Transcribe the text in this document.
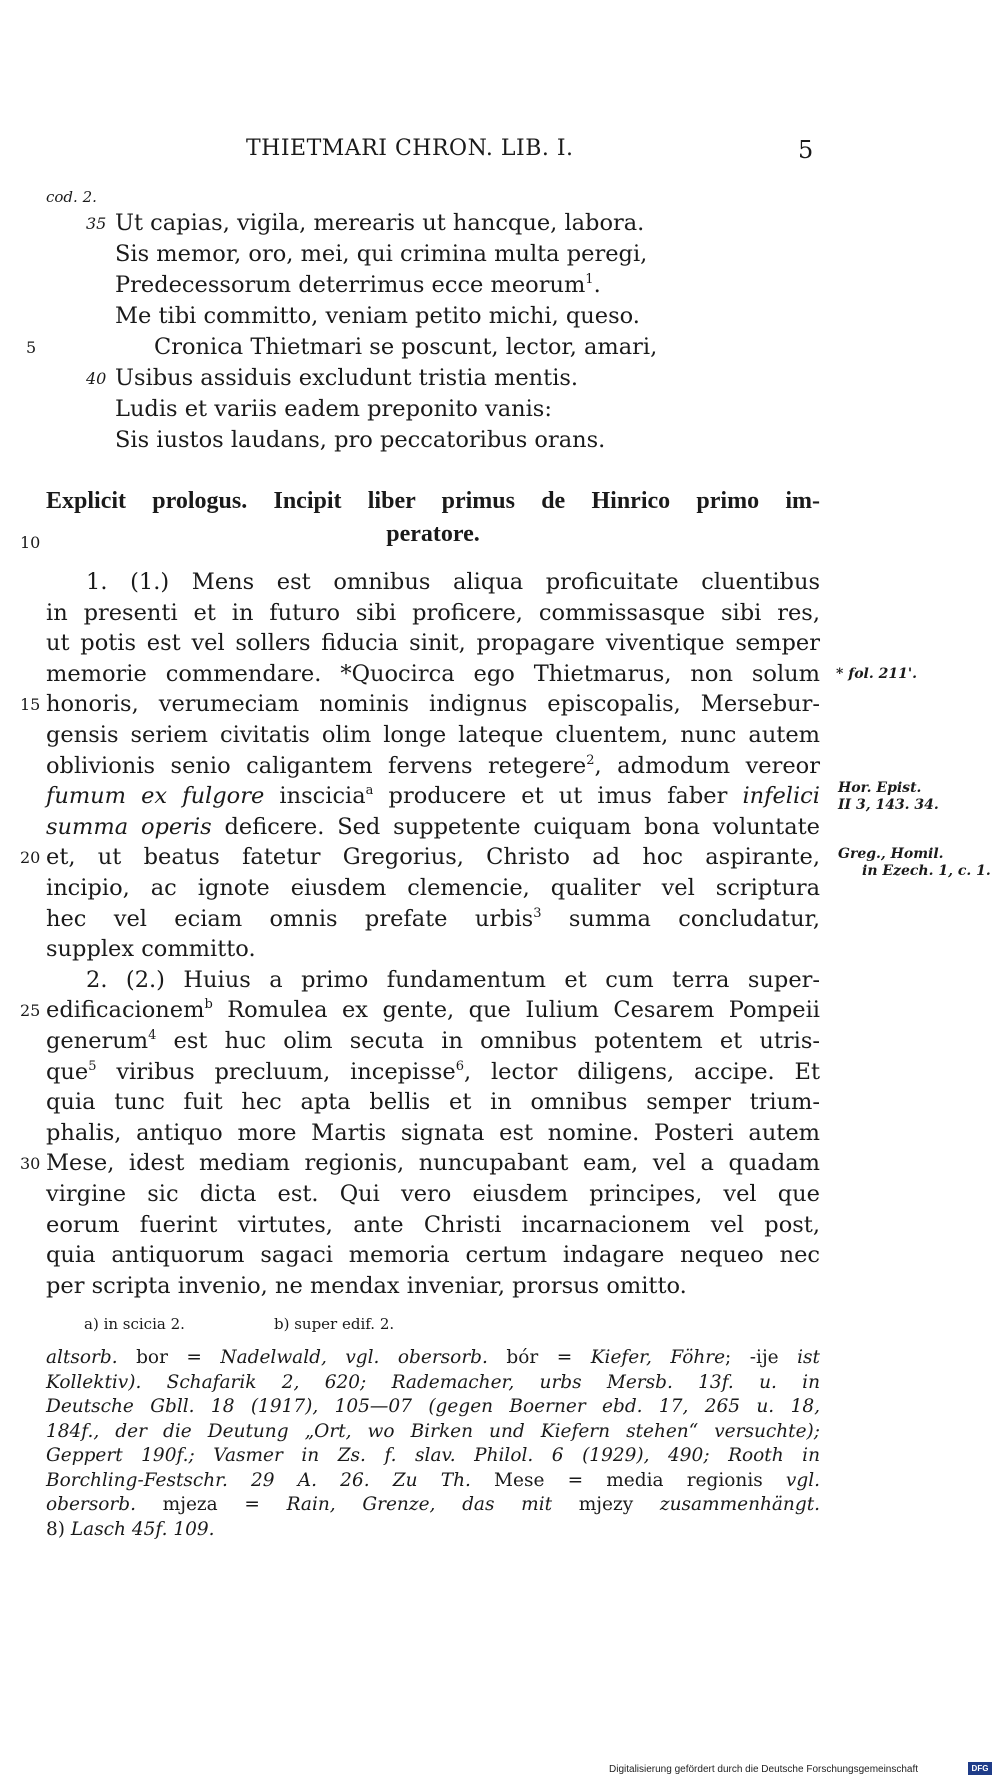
THIETMARI CHRON. LIB. I.	5
cod. 2.
Ut capias, vigila, merearis ut hancque, labora.
35
Sis memor, oro, mei, qui crimina multa peregi,
Predecessorum deterrimus ecce meorum$^1$.
Me tibi committo, veniam petito michi, queso.
Cronica Thietmari se poscunt, lector, amari,
5
Usibus assiduis excludunt tristia mentis.
40
Ludis et variis eadem preponito vanis:
Sis iustos laudans, pro peccatoribus orans.
Explicit prologus. Incipit liber primus de Hinrico primo im-
peratore.
10
1. (1.) Mens est omnibus aliqua proficuitate cluentibus
in presenti et in futuro sibi proficere, commissasque sibi res,
ut potis est vel sollers fiducia sinit, propagare viventique semper
memorie commendare. *Quocirca ego Thietmarus, non solum
honoris, verumeciam nominis indignus episcopalis, Mersebur-
15
gensis seriem civitatis olim longe lateque cluentem, nunc autem
oblivionis senio caligantem fervens retegere$^2$, admodum vereor
fumum ex fulgore inscicia$^a$ producere et ut imus faber infelici
summa operis deficere. Sed suppetente cuiquam bona voluntate
et, ut beatus fatetur Gregorius, Christo ad hoc aspirante,
20
incipio, ac ignote eiusdem clemencie, qualiter vel scriptura
hec vel eciam omnis prefate urbis$^3$ summa concludatur,
supplex committo.
2. (2.) Huius a primo fundamentum et cum terra super-
edificacionem$^b$ Romulea ex gente, que Iulium Cesarem Pompeii
25
generum$^4$ est huc olim secuta in omnibus potentem et utris-
que$^5$ viribus precluum, incepisse$^6$, lector diligens, accipe. Et
quia tunc fuit hec apta bellis et in omnibus semper trium-
phalis, antiquo more Martis signata est nomine. Posteri autem
Mese, idest mediam regionis, nuncupabant eam, vel a quadam
30
virgine sic dicta est. Qui vero eiusdem principes, vel que
eorum fuerint virtutes, ante Christi incarnacionem vel post,
quia antiquorum sagaci memoria certum indagare nequeo nec
per scripta invenio, ne mendax inveniar, prorsus omitto.
* fol. 211'.
Hor. Epist.
II 3, 143. 34.
Greg., Homil.
in Ezech. 1, c. 1.
a) in scicia 2.	b) super edif. 2.
altsorb. bor = Nadelwald, vgl. obersorb. bór = Kiefer, Föhre; -ije ist
Kollektiv). Schafarik 2, 620; Rademacher, urbs Mersb. 13f. u. in
Deutsche Gbll. 18 (1917), 105—07 (gegen Boerner ebd. 17, 265 u. 18,
184f., der die Deutung „Ort, wo Birken und Kiefern stehen“ versuchte);
Geppert 190f.; Vasmer in Zs. f. slav. Philol. 6 (1929), 490; Rooth in
Borchling-Festschr. 29 A. 26. Zu Th. Mese = media regionis vgl.
obersorb. mjeza = Rain, Grenze, das mit mjezy zusammenhängt.
8) Lasch 45f. 109.
Digitalisierung gefördert durch die Deutsche Forschungsgemeinschaft	DFG
